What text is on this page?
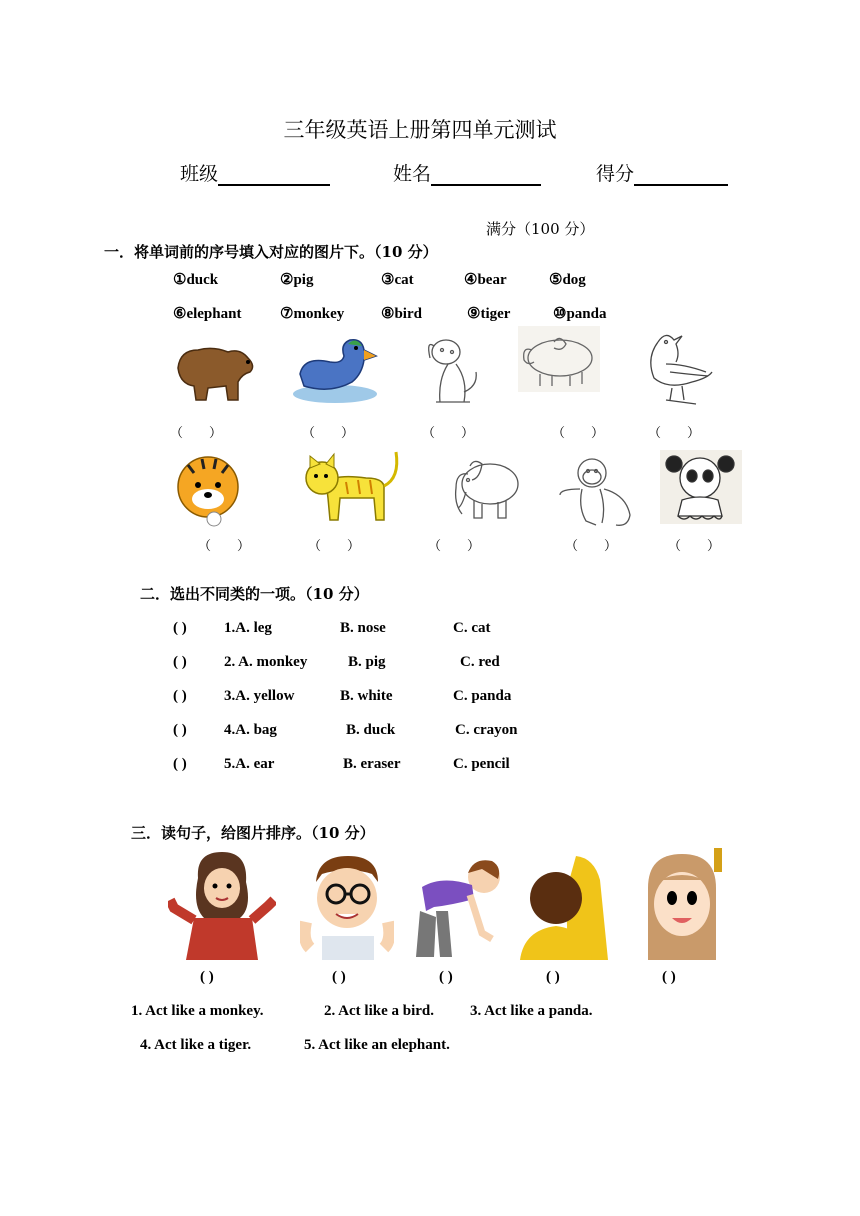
三年级英语上册第四单元测试
班级	姓名	得分
满分（100 分）
一．将单词前的序号填入对应的图片下。（10 分）
①duck	②pig	③cat	④bear	⑤dog
⑥elephant	⑦monkey ⑧bird	⑨tiger	⑩panda
（　　）	（　　）	（　　）	（　　）	（　　）
（　　）	（　　）	（　　）	（　　）	（　　）
二．选出不同类的一项。（10 分）
( ) 1.A. leg	B. nose	C. cat
( ) 2. A. monkey	B. pig	C. red
( ) 3.A. yellow	B. white	C. panda
( ) 4.A. bag	B. duck	C. crayon
( ) 5.A. ear	B. eraser	C. pencil
三．读句子，给图片排序。（10 分）
( )	( )	( )	( )	( )
1. Act like a monkey.	2. Act like a bird. 3. Act like a panda.
4. Act like a tiger.	5. Act like an elephant.
